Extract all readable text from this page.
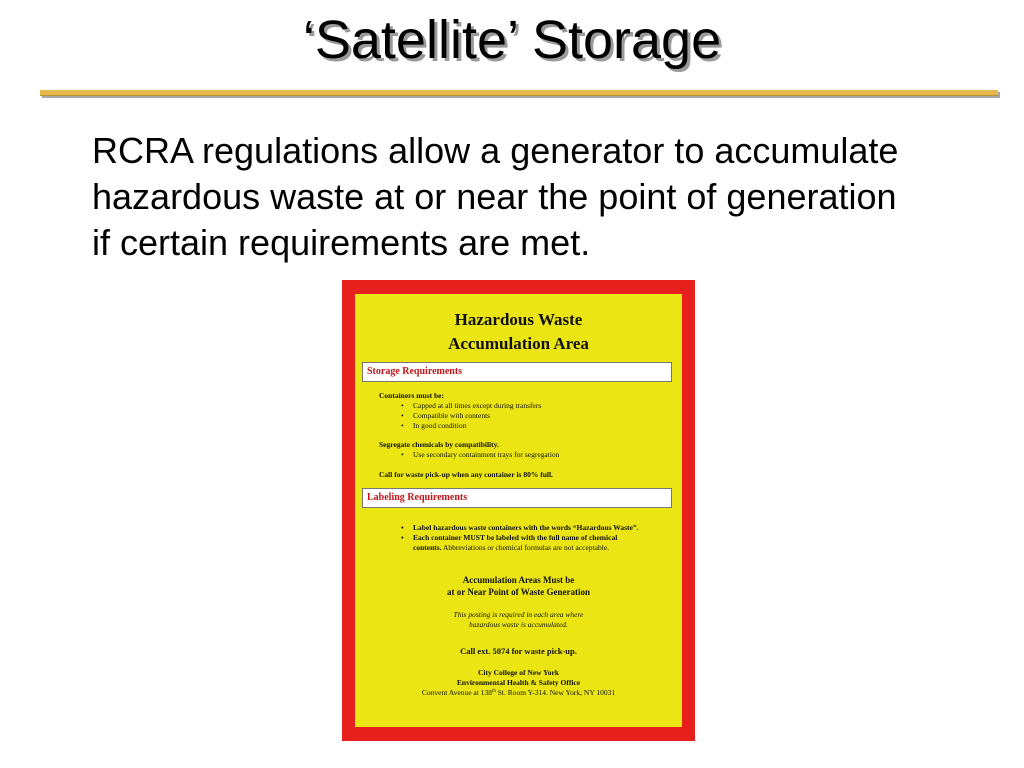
‘Satellite’ Storage
RCRA regulations allow a generator to accumulate
hazardous waste at or near the point of generation
if certain requirements are met.
Hazardous Waste
Accumulation Area
Storage Requirements
Containers must be:
• Capped at all times except during transfers
• Compatible with contents
• In good condition
Segregate chemicals by compatibility.
• Use secondary containment trays for segregation
Call for waste pick-up when any container is 80% full.
Labeling Requirements
• Label hazardous waste containers with the words “Hazardous Waste”.
• Each container MUST be labeled with the full name of chemical
contents. Abbreviations or chemical formulas are not acceptable.
Accumulation Areas Must be
at or Near Point of Waste Generation
This posting is required in each area where
hazardous waste is accumulated.
Call ext. 5074 for waste pick-up.
City College of New York
Environmental Health & Safety Office
Convent Avenue at 138th St. Room Y-314. New York, NY 10031
